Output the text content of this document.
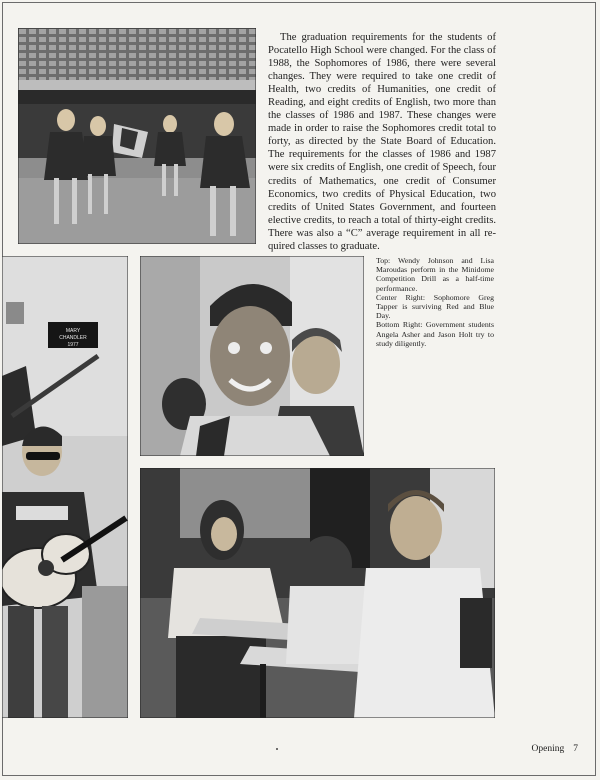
MARY
CHANDLER
1977

The graduation requirements for the students of Pocatello High School were changed. For the class of 1988, the Sophomores of 1986, there were several changes. They were required to take one credit of Health, two credits of Humanities, one credit of Reading, and eight credits of English, two more than the classes of 1986 and 1987. These changes were made in order to raise the Sophomores credit total to forty, as directed by the State Board of Education. The requirements for the classes of 1986 and 1987 were six credits of English, one credit of Speech, four credits of Mathematics, one credit of Consumer Economics, two credits of Physical Education, two credits of United States Government, and fourteen elective credits, to reach a total of thirty-eight credits. There was also a “C” average requirement in all required classes to graduate.

Top: Wendy Johnson and Lisa Maroudas perform in the Minidome Competition Drill as a half-time performance.

Center Right: Sophomore Greg Tapper is surviving Red and Blue Day.

Bottom Right: Government students Angela Asher and Jason Holt try to study diligently.

Opening 7
